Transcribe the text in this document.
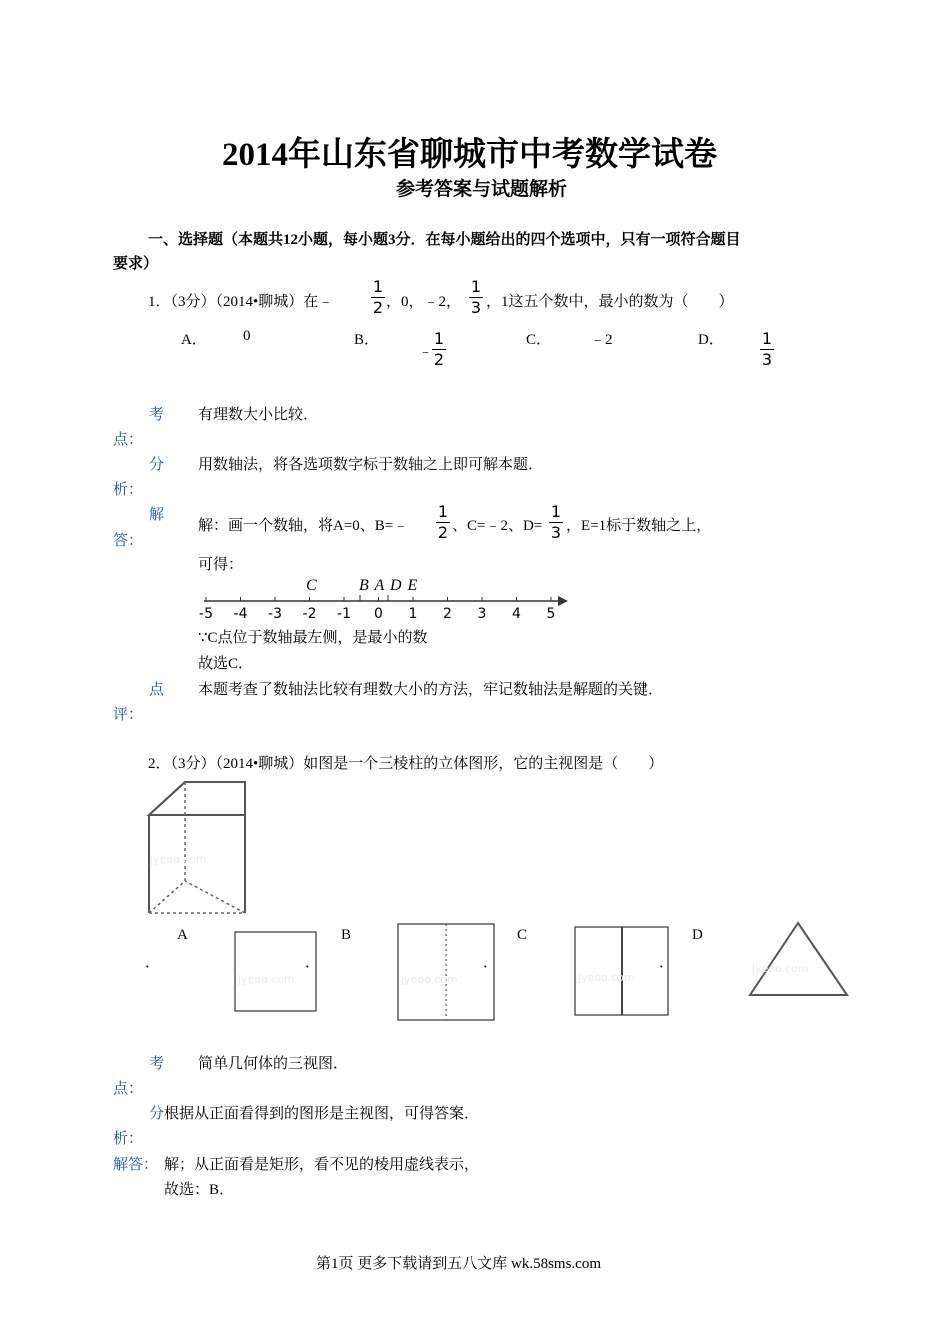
2014年山东省聊城市中考数学试卷
参考答案与试题解析
一、选择题（本题共12小题，每小题3分．在每小题给出的四个选项中，只有一项符合题目
要求）
1．（3分）（2014•聊城）在﹣
1
2 ，0，﹣2，
1
3 ，1这五个数中，最小的数为（　　）
A． 0	B．
﹣
1
2
C．	﹣2	D． 1
3
考
点：
有理数大小比较．
分
析：
用数轴法，将各选项数字标于数轴之上即可解本题．
解
答：
解：画一个数轴，将A=0、B=﹣
1
2 、C=﹣2、D=
1
3 ，E=1标于数轴之上，
可得：
C	B A D E
-5 -4 -3 -2 -1 0 1 2 3 4 5
∵C点位于数轴最左侧，是最小的数
故选C．
点
评：
本题考查了数轴法比较有理数大小的方法，牢记数轴法是解题的关键．
2．（3分）（2014•聊城）如图是一个三棱柱的立体图形，它的主视图是（　　）
jyeoo.com
A
．
jyeoo.com
．
B
jyeoo.com
．
C
jyeoo.com
．
D
jyeoo.com
考
点：
简单几何体的三视图．
分
析：
根据从正面看得到的图形是主视图，可得答案．
解答： 解；从正面看是矩形，看不见的棱用虚线表示，
故选：B．
第1页 更多下载请到五八文库 wk.58sms.com
